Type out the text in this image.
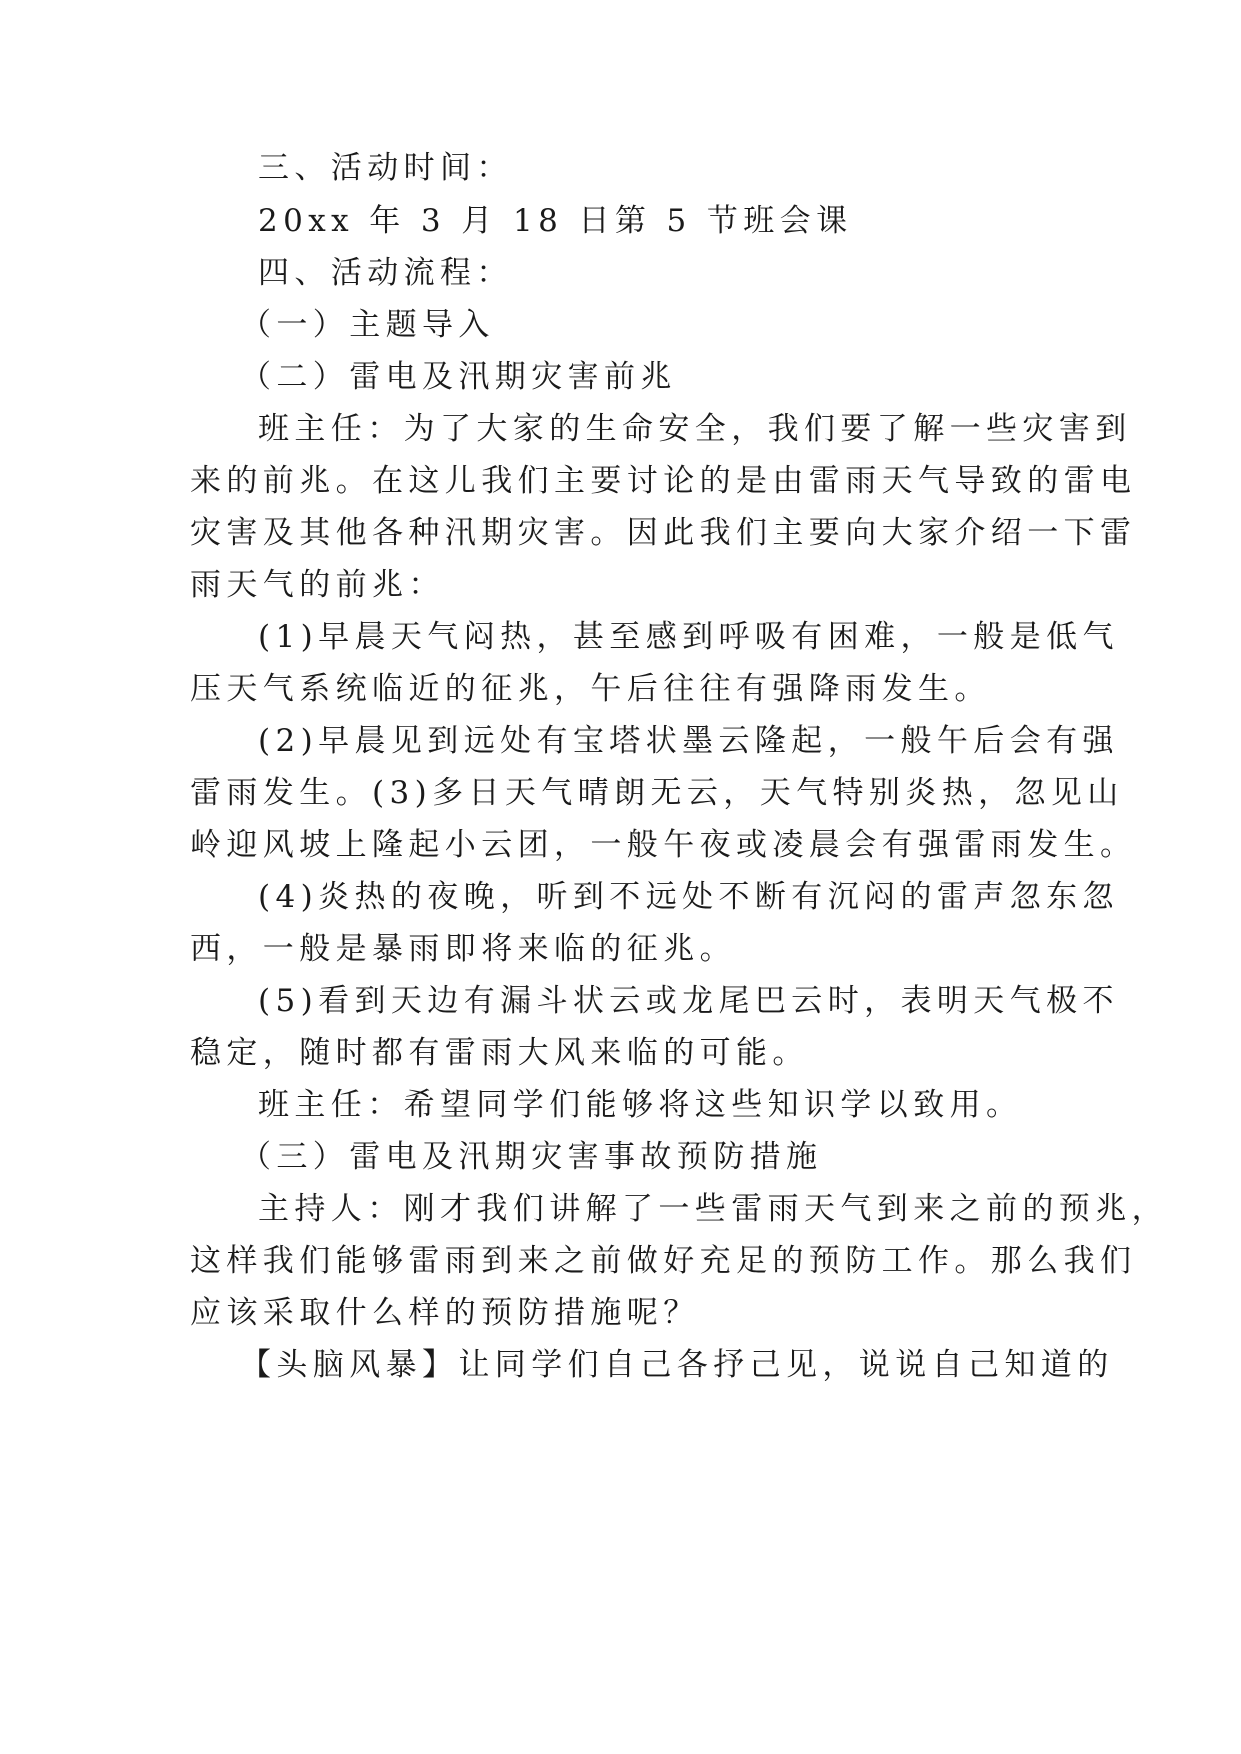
三、活动时间：
20xx 年 3 月 18 日第 5 节班会课
四、活动流程：
（一）主题导入
（二）雷电及汛期灾害前兆
班主任：为了大家的生命安全，我们要了解一些灾害到
来的前兆。在这儿我们主要讨论的是由雷雨天气导致的雷电
灾害及其他各种汛期灾害。因此我们主要向大家介绍一下雷
雨天气的前兆：
(1)早晨天气闷热，甚至感到呼吸有困难，一般是低气
压天气系统临近的征兆，午后往往有强降雨发生。
(2)早晨见到远处有宝塔状墨云隆起，一般午后会有强
雷雨发生。(3)多日天气晴朗无云，天气特别炎热，忽见山
岭迎风坡上隆起小云团，一般午夜或凌晨会有强雷雨发生。
(4)炎热的夜晚，听到不远处不断有沉闷的雷声忽东忽
西，一般是暴雨即将来临的征兆。
(5)看到天边有漏斗状云或龙尾巴云时，表明天气极不
稳定，随时都有雷雨大风来临的可能。
班主任：希望同学们能够将这些知识学以致用。
（三）雷电及汛期灾害事故预防措施
主持人：刚才我们讲解了一些雷雨天气到来之前的预兆，
这样我们能够雷雨到来之前做好充足的预防工作。那么我们
应该采取什么样的预防措施呢？
【头脑风暴】让同学们自己各抒己见，说说自己知道的
